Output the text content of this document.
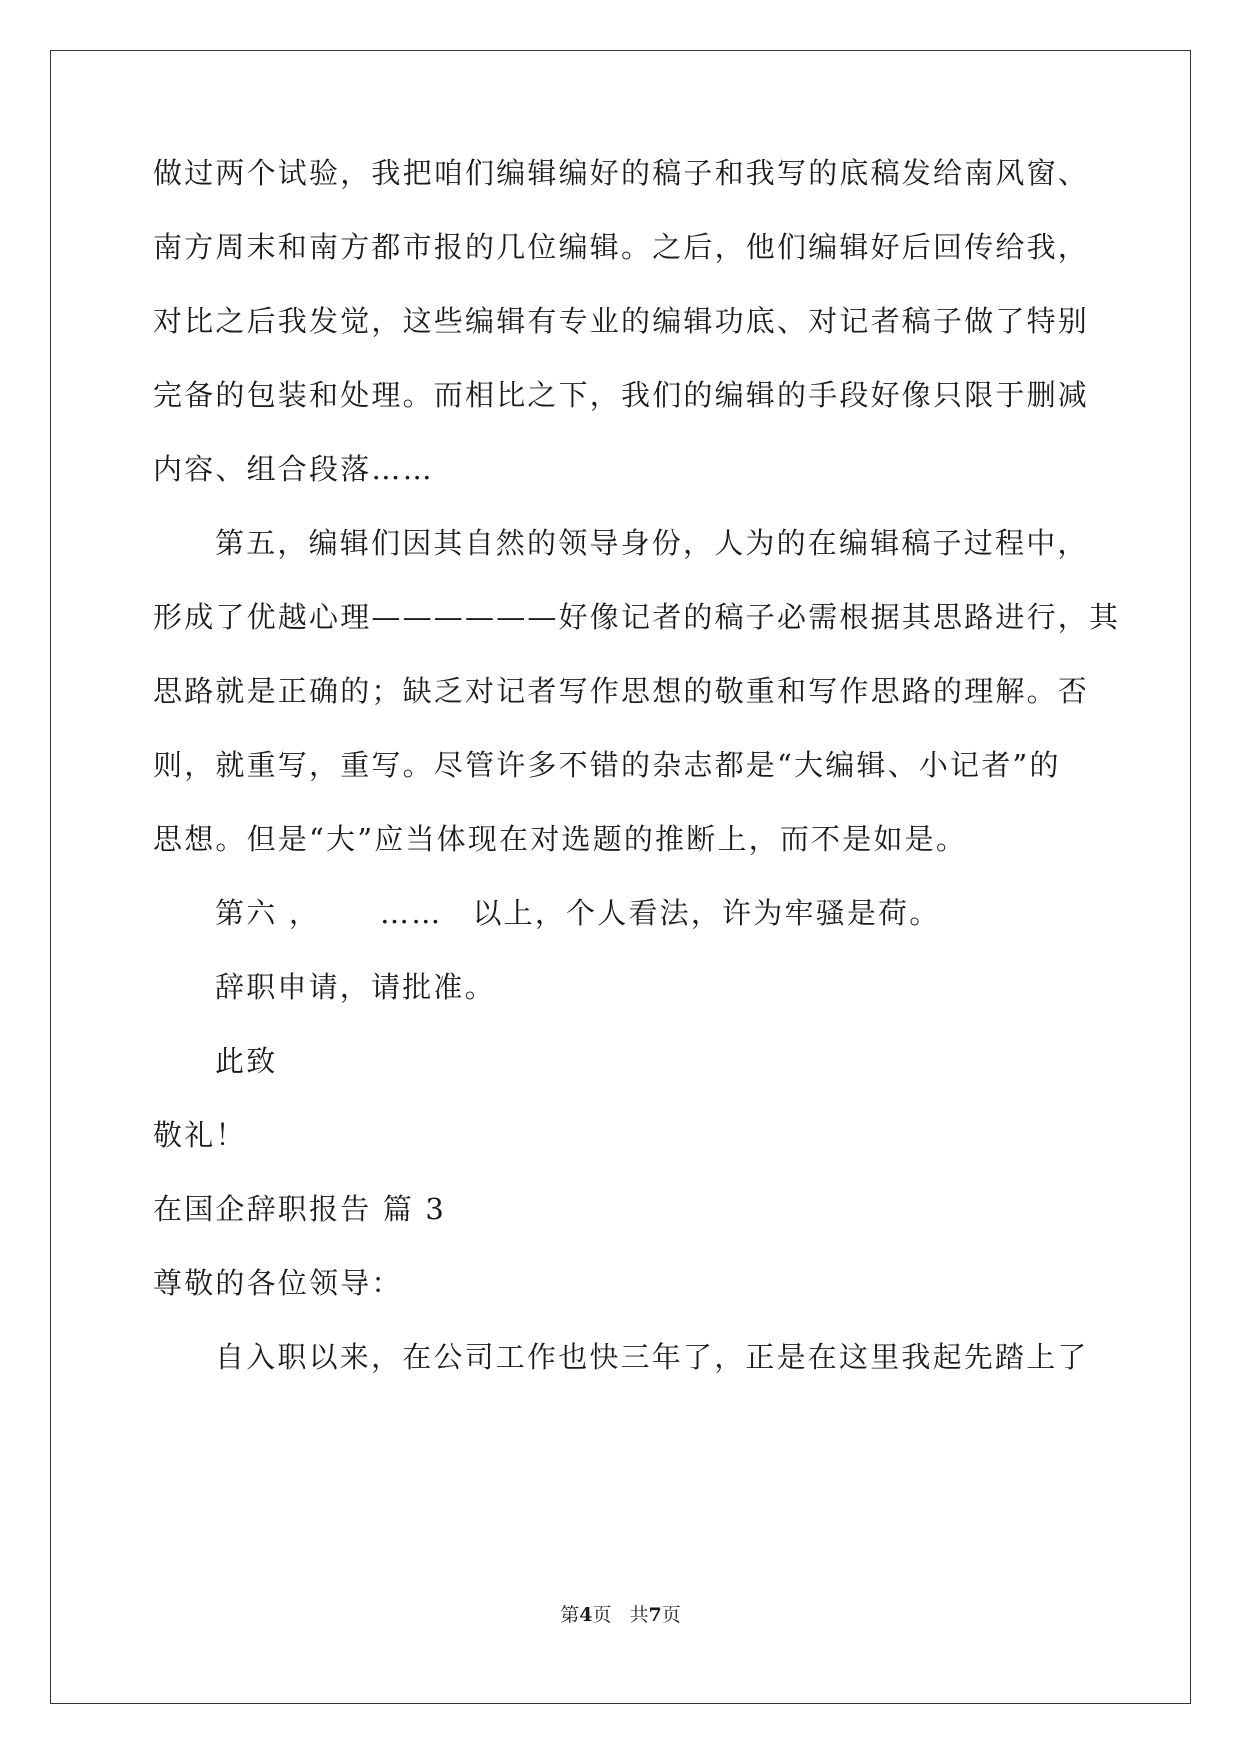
做过两个试验，我把咱们编辑编好的稿子和我写的底稿发给南风窗、
南方周末和南方都市报的几位编辑。之后，他们编辑好后回传给我，
对比之后我发觉，这些编辑有专业的编辑功底、对记者稿子做了特别
完备的包装和处理。而相比之下，我们的编辑的手段好像只限于删减
内容、组合段落……
第五，编辑们因其自然的领导身份，人为的在编辑稿子过程中，
形成了优越心理——————好像记者的稿子必需根据其思路进行，其
思路就是正确的；缺乏对记者写作思想的敬重和写作思路的理解。否
则，就重写，重写。尽管许多不错的杂志都是“大编辑、小记者”的
思想。但是“大”应当体现在对选题的推断上，而不是如是。
第六 ， …… 以上，个人看法，许为牢骚是荷。
辞职申请，请批准。
此致
敬礼！
在国企辞职报告 篇 3
尊敬的各位领导：
自入职以来，在公司工作也快三年了，正是在这里我起先踏上了
第4页 共7页
